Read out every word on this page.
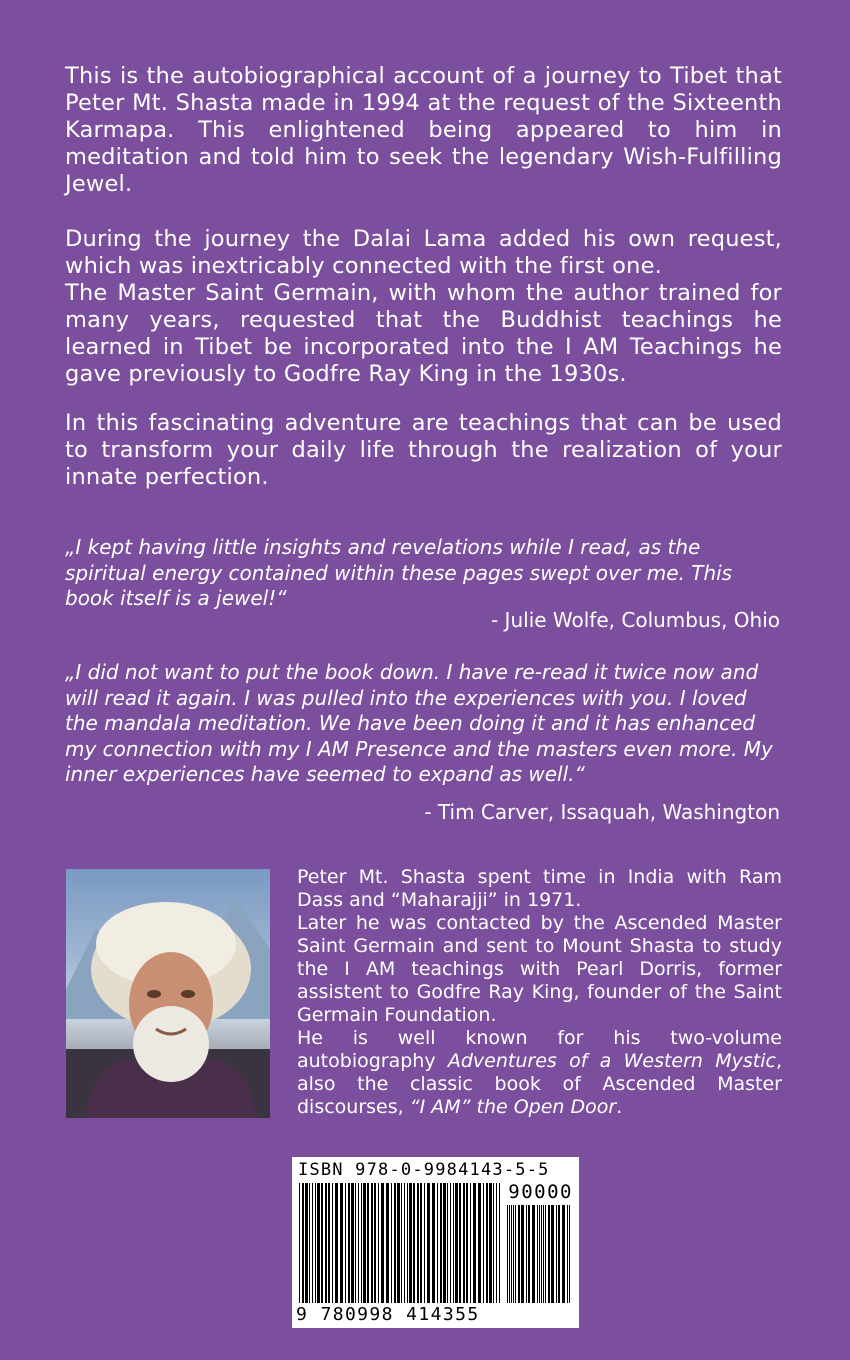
This is the autobiographical account of a journey to Tibet that Peter Mt. Shasta made in 1994 at the request of the Sixteenth Karmapa. This enlightened being appeared to him in meditation and told him to seek the legendary Wish-Fulfilling Jewel.

During the journey the Dalai Lama added his own request, which was inextricably connected with the first one.
The Master Saint Germain, with whom the author trained for many years, requested that the Buddhist teachings he learned in Tibet be incorporated into the I AM Teachings he gave previously to Godfre Ray King in the 1930s.

In this fascinating adventure are teachings that can be used to transform your daily life through the realization of your innate perfection.

„I kept having little insights and revelations while I read, as the spiritual energy contained within these pages swept over me. This book itself is a jewel!“

- Julie Wolfe, Columbus, Ohio

„I did not want to put the book down. I have re-read it twice now and will read it again. I was pulled into the experiences with you. I loved the mandala meditation. We have been doing it and it has enhanced my connection with my I AM Presence and the masters even more. My inner experiences have seemed to expand as well.“

- Tim Carver, Issaquah, Washington

Peter Mt. Shasta spent time in India with Ram Dass and “Maharajji” in 1971.
Later he was contacted by the Ascended Master Saint Germain and sent to Mount Shasta to study the I AM teachings with Pearl Dorris, former assistent to Godfre Ray King, founder of the Saint Germain Foundation.
He is well known for his two-volume autobiography Adventures of a Western Mystic, also the classic book of Ascended Master discourses, “I AM” the Open Door.

ISBN 978-0-9984143-5-5
90000
9 780998 414355
